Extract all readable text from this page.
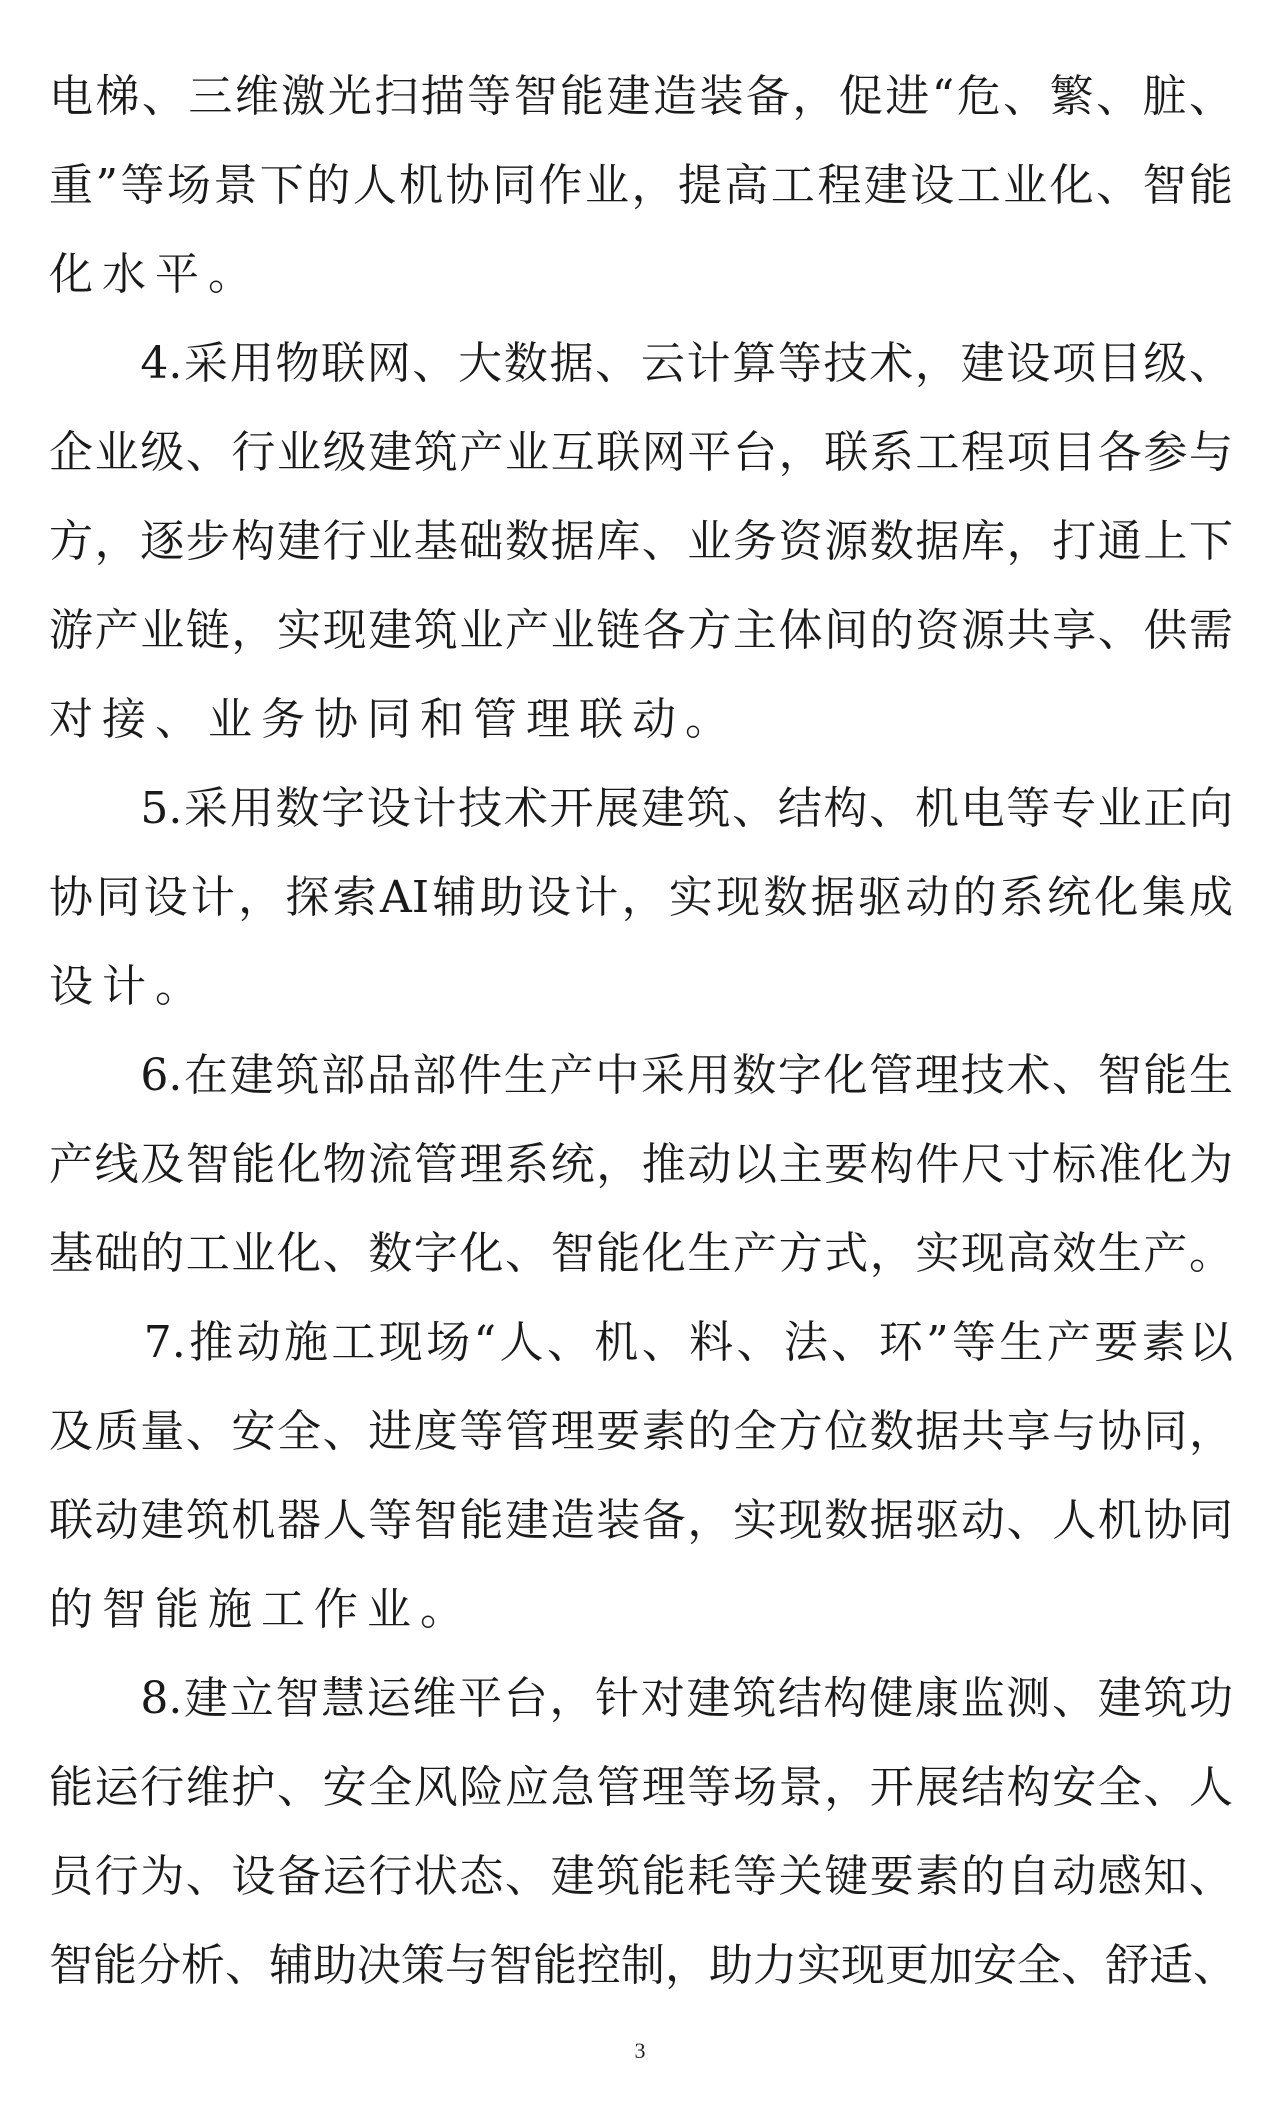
电梯、三维激光扫描等智能建造装备，促进“危、繁、脏、
重”等场景下的人机协同作业，提高工程建设工业化、智能
化水平。
　　4.采用物联网、大数据、云计算等技术，建设项目级、
企业级、行业级建筑产业互联网平台，联系工程项目各参与
方，逐步构建行业基础数据库、业务资源数据库，打通上下
游产业链，实现建筑业产业链各方主体间的资源共享、供需
对接、业务协同和管理联动。
　　5.采用数字设计技术开展建筑、结构、机电等专业正向
协同设计，探索AI辅助设计，实现数据驱动的系统化集成
设计。
　　6.在建筑部品部件生产中采用数字化管理技术、智能生
产线及智能化物流管理系统，推动以主要构件尺寸标准化为
基础的工业化、数字化、智能化生产方式，实现高效生产。
　　7.推动施工现场“人、机、料、法、环”等生产要素以
及质量、安全、进度等管理要素的全方位数据共享与协同，
联动建筑机器人等智能建造装备，实现数据驱动、人机协同
的智能施工作业。
　　8.建立智慧运维平台，针对建筑结构健康监测、建筑功
能运行维护、安全风险应急管理等场景，开展结构安全、人
员行为、设备运行状态、建筑能耗等关键要素的自动感知、
智能分析、辅助决策与智能控制，助力实现更加安全、舒适、
3
